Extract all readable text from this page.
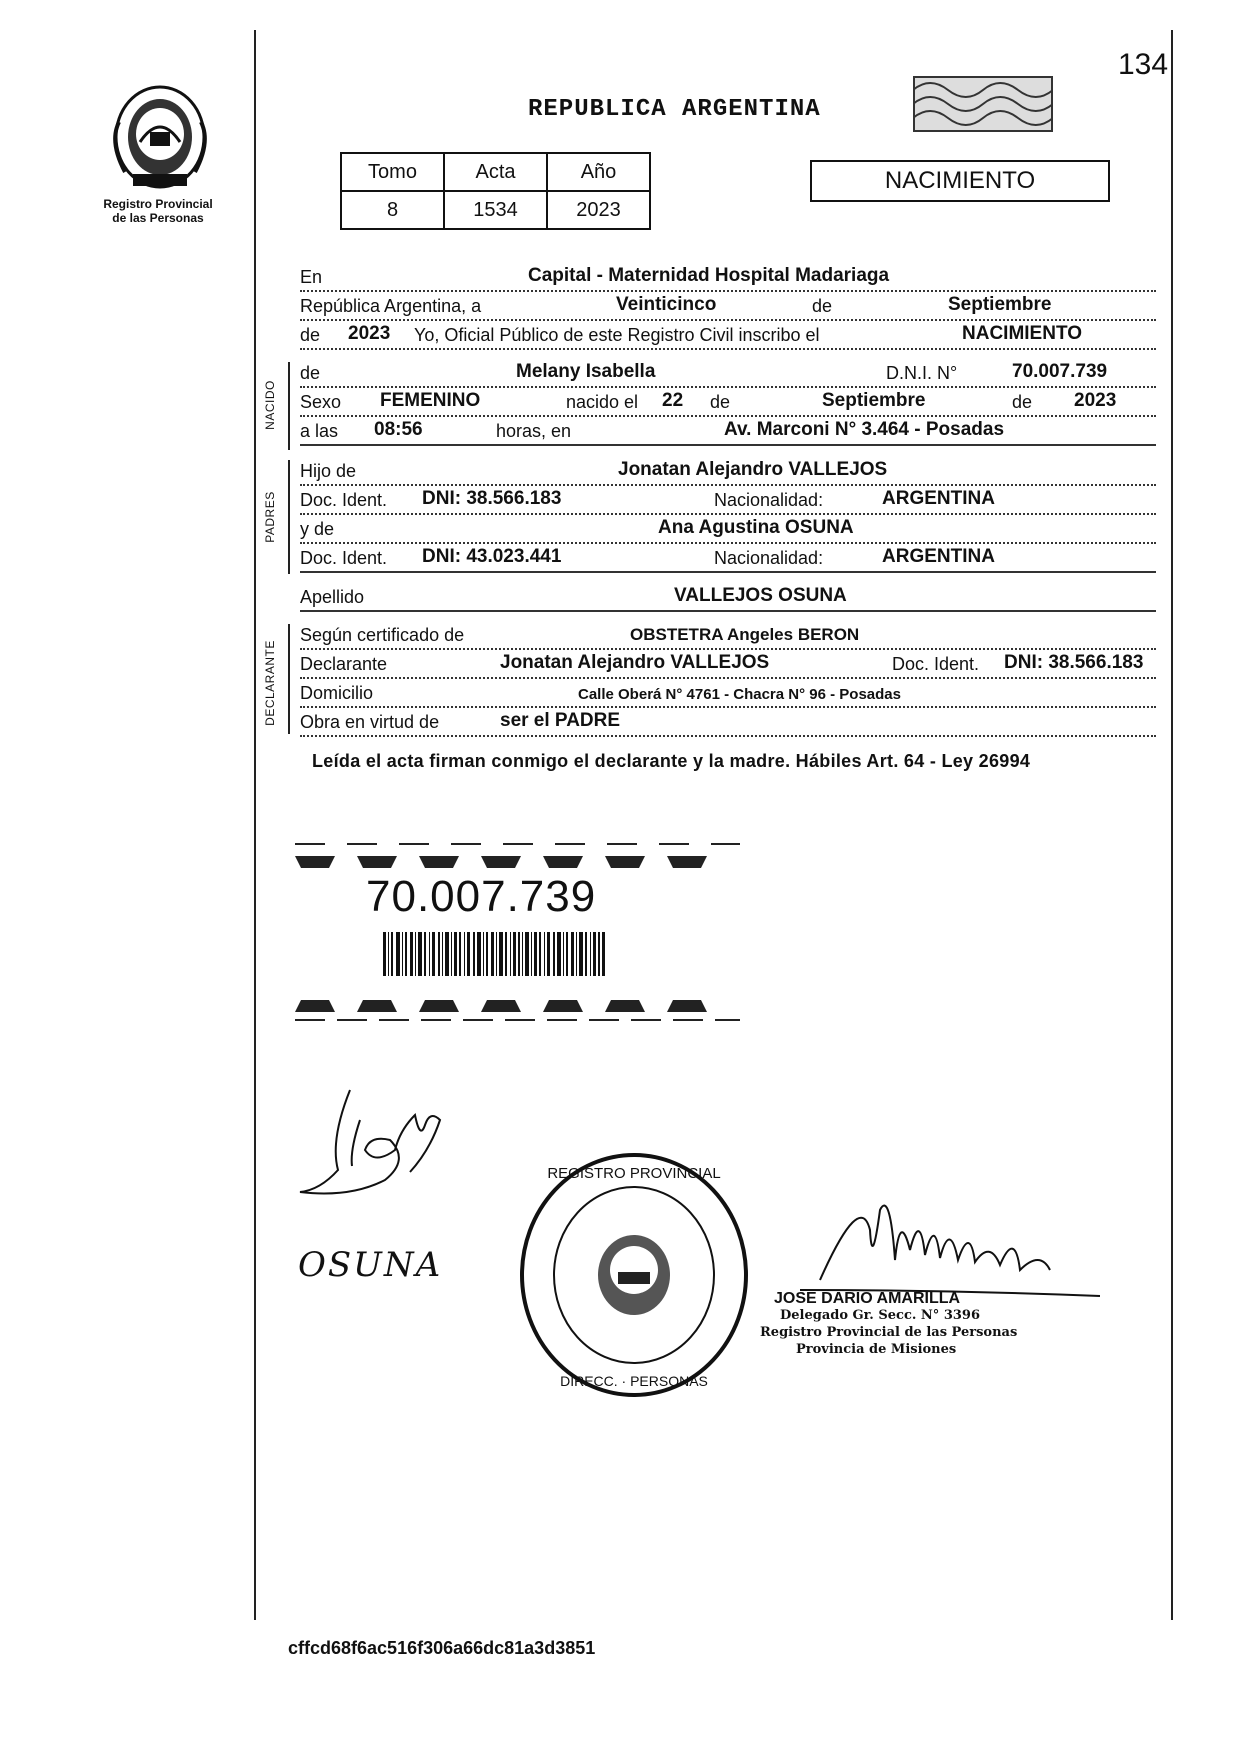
134
Registro Provincial
de las Personas
REPUBLICA ARGENTINA
Tomo	Acta	Año
8	1534	2023
NACIMIENTO
En	Capital - Maternidad Hospital Madariaga
República Argentina, a	Veinticinco	de	Septiembre
de 2023 Yo, Oficial Público de este Registro Civil inscribo el	NACIMIENTO
NACIDO
de	Melany Isabella	D.N.I. N°	70.007.739
Sexo FEMENINO	nacido el 22 de	Septiembre	de 2023
a las 08:56	horas, en	Av. Marconi N° 3.464 - Posadas
PADRES
Hijo de	Jonatan Alejandro VALLEJOS
Doc. Ident. DNI: 38.566.183	Nacionalidad:	ARGENTINA
y de	Ana Agustina OSUNA
Doc. Ident. DNI: 43.023.441	Nacionalidad:	ARGENTINA
Apellido	VALLEJOS OSUNA
DECLARANTE
Según certificado de	OBSTETRA Angeles BERON
Declarante	Jonatan Alejandro VALLEJOS	Doc. Ident. DNI: 38.566.183
Domicilio	Calle Oberá N° 4761 - Chacra N° 96 - Posadas
Obra en virtud de	ser el PADRE
Leída el acta firman conmigo el declarante y la madre. Hábiles Art. 64 - Ley 26994
70.007.739
OSUNA
REGISTRO PROVINCIAL
DIRECC. · PERSONAS
JOSE DARIO AMARILLA
Delegado Gr. Secc. N° 3396
Registro Provincial de las Personas
Provincia de Misiones
cffcd68f6ac516f306a66dc81a3d3851
